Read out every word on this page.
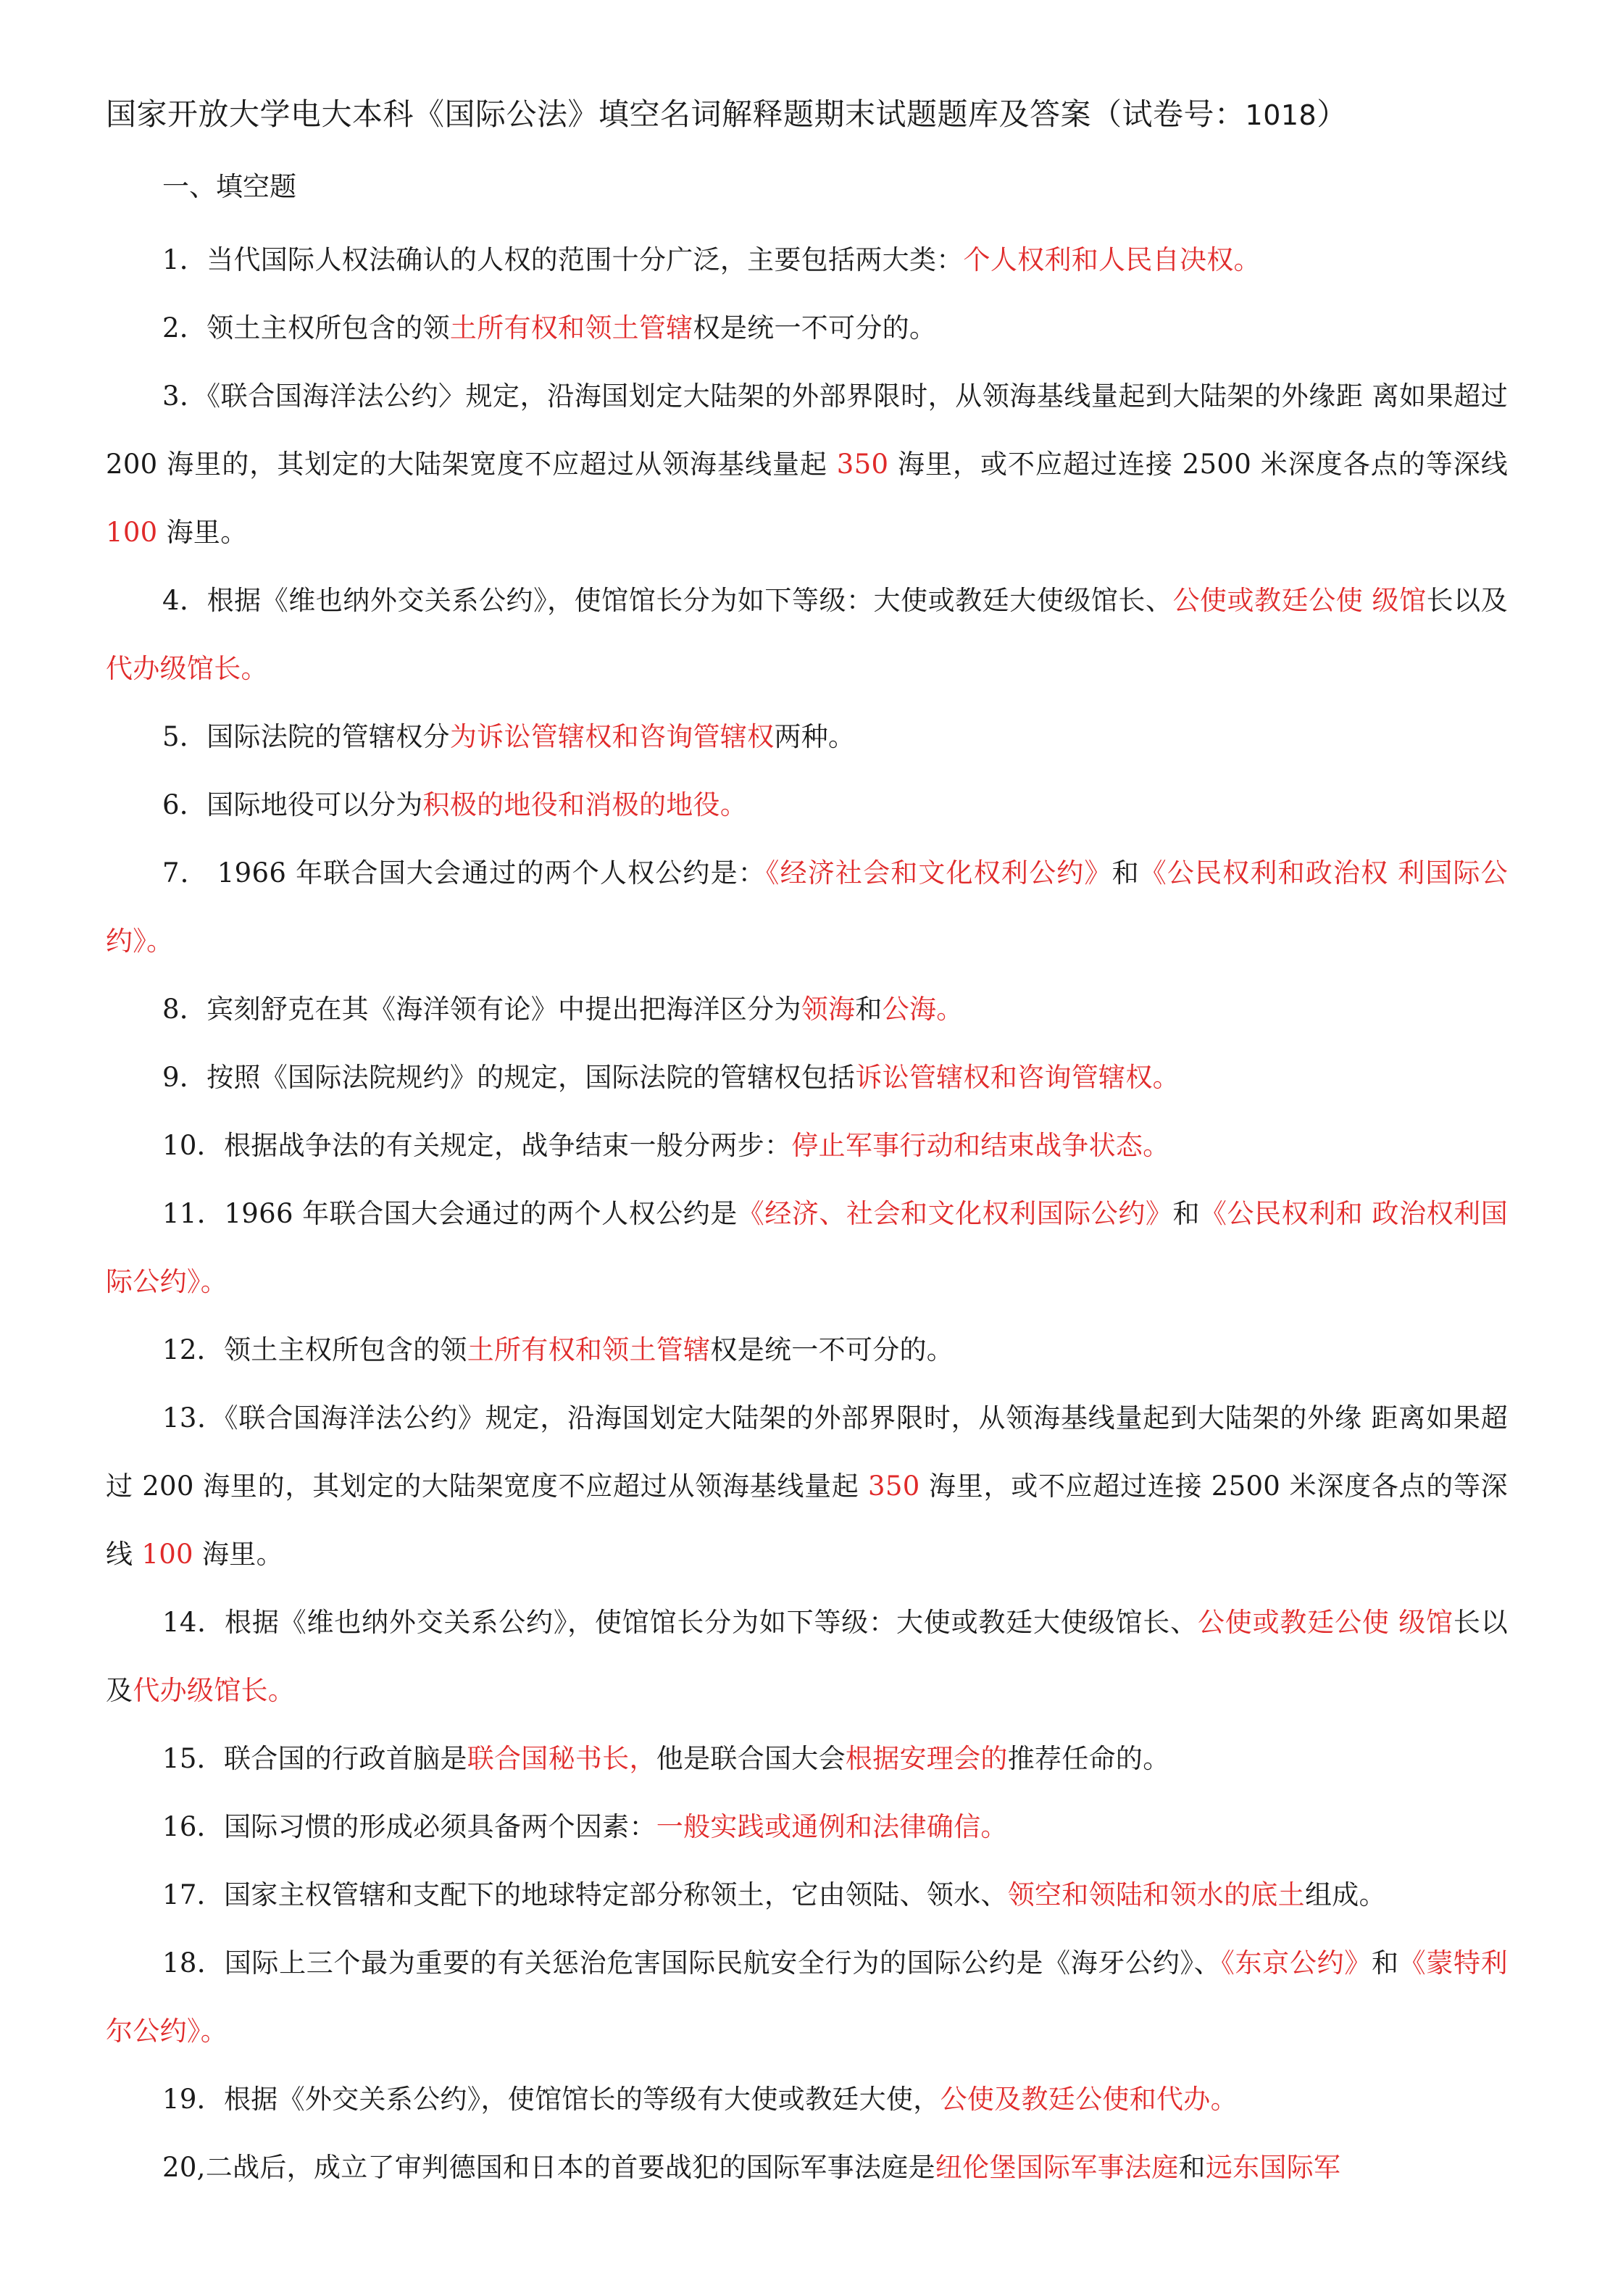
国家开放大学电大本科《国际公法》填空名词解释题期末试题题库及答案（试卷号：1018）
一、填空题

1．当代国际人权法确认的人权的范围十分广泛，主要包括两大类：个人权利和人民自决权。

2．领土主权所包含的领土所有权和领土管辖权是统一不可分的。

3．《联合国海洋法公约〉规定，沿海国划定大陆架的外部界限时，从领海基线量起到大陆架的外缘距 离如果超过 200 海里的，其划定的大陆架宽度不应超过从领海基线量起 350 海里，或不应超过连接 2500 米深度各点的等深线 100 海里。

4．根据《维也纳外交关系公约》，使馆馆长分为如下等级：大使或教廷大使级馆长、公使或教廷公使 级馆长以及代办级馆长。

5．国际法院的管辖权分为诉讼管辖权和咨询管辖权两种。

6．国际地役可以分为积极的地役和消极的地役。

7． 1966 年联合国大会通过的两个人权公约是：《经济社会和文化权利公约》和《公民权利和政治权 利国际公约》。

8．宾刻舒克在其《海洋领有论》中提出把海洋区分为领海和公海。

9．按照《国际法院规约》的规定，国际法院的管辖权包括诉讼管辖权和咨询管辖权。

10．根据战争法的有关规定，战争结束一般分两步：停止军事行动和结束战争状态。

11．1966 年联合国大会通过的两个人权公约是《经济、社会和文化权利国际公约》和《公民权利和 政治权利国际公约》。

12．领土主权所包含的领土所有权和领土管辖权是统一不可分的。

13．《联合国海洋法公约》规定，沿海国划定大陆架的外部界限时，从领海基线量起到大陆架的外缘 距离如果超过 200 海里的，其划定的大陆架宽度不应超过从领海基线量起 350 海里，或不应超过连接 2500 米深度各点的等深线 100 海里。

14．根据《维也纳外交关系公约》，使馆馆长分为如下等级：大使或教廷大使级馆长、公使或教廷公使 级馆长以及代办级馆长。

15．联合国的行政首脑是联合国秘书长，他是联合国大会根据安理会的推荐任命的。

16．国际习惯的形成必须具备两个因素：一般实践或通例和法律确信。

17．国家主权管辖和支配下的地球特定部分称领土，它由领陆、领水、领空和领陆和领水的底土组成。

18．国际上三个最为重要的有关惩治危害国际民航安全行为的国际公约是《海牙公约》、《东京公约》和《蒙特利尔公约》。

19．根据《外交关系公约》，使馆馆长的等级有大使或教廷大使，公使及教廷公使和代办。

20,二战后，成立了审判德国和日本的首要战犯的国际军事法庭是纽伦堡国际军事法庭和远东国际军
